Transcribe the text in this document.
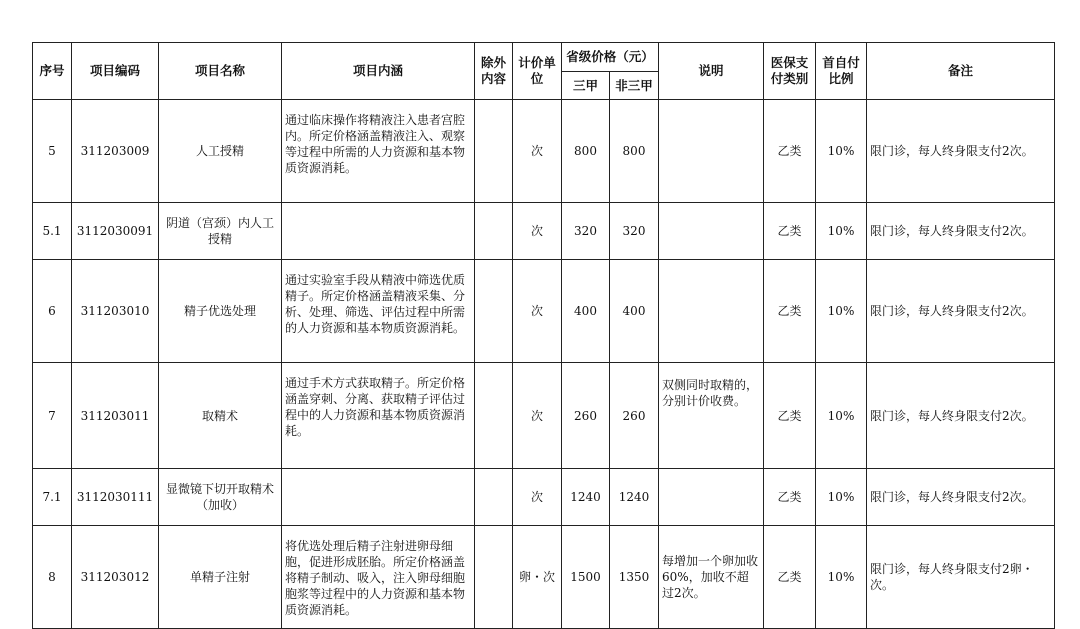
序号	项目编码	项目名称	项目内涵	除外内容	计价单位	省级价格（元）		说明	医保支付类别	首自付比例	备注
						三甲	非三甲				
5	311203009	人工授精	通过临床操作将精液注入患者宫腔内。所定价格涵盖精液注入、观察等过程中所需的人力资源和基本物质资源消耗。		次	800	800		乙类	10%	限门诊，每人终身限支付2次。
5.1	3112030091	阴道（宫颈）内人工授精			次	320	320		乙类	10%	限门诊，每人终身限支付2次。
6	311203010	精子优选处理	通过实验室手段从精液中筛选优质精子。所定价格涵盖精液采集、分析、处理、筛选、评估过程中所需的人力资源和基本物质资源消耗。		次	400	400		乙类	10%	限门诊，每人终身限支付2次。
7	311203011	取精术	通过手术方式获取精子。所定价格涵盖穿刺、分离、获取精子评估过程中的人力资源和基本物质资源消耗。		次	260	260	双侧同时取精的，分别计价收费。	乙类	10%	限门诊，每人终身限支付2次。
7.1	3112030111	显微镜下切开取精术（加收）			次	1240	1240		乙类	10%	限门诊，每人终身限支付2次。
8	311203012	单精子注射	将优选处理后精子注射进卵母细胞，促进形成胚胎。所定价格涵盖将精子制动、吸入，注入卵母细胞胞浆等过程中的人力资源和基本物质资源消耗。		卵・次	1500	1350	每增加一个卵加收60%，加收不超过2次。	乙类	10%	限门诊，每人终身限支付2卵・次。
